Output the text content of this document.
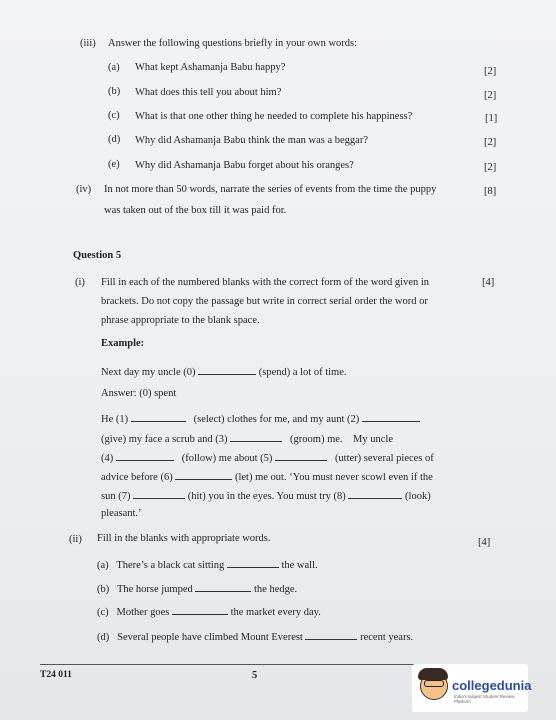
(iii) Answer the following questions briefly in your own words:
(a) What kept Ashamanja Babu happy?	[2]
(b) What does this tell you about him?	[2]
(c) What is that one other thing he needed to complete his happiness?	[1]
(d) Why did Ashamanja Babu think the man was a beggar?	[2]
(e) Why did Ashamanja Babu forget about his oranges?	[2]
(iv) In not more than 50 words, narrate the series of events from the time the puppy	[8]
was taken out of the box till it was paid for.
Question 5
(i) Fill in each of the numbered blanks with the correct form of the word given in	[4]
brackets. Do not copy the passage but write in correct serial order the word or
phrase appropriate to the blank space.
Example:
Next day my uncle (0)	(spend) a lot of time.
Answer: (0) spent
He (1)	(select) clothes for me, and my aunt (2)
(give) my face a scrub and (3)	(groom) me. My uncle
(4)	(follow) me about (5)	(utter) several pieces of
advice before (6)	(let) me out. ‘You must never scowl even if the
sun (7)	(hit) you in the eyes. You must try (8)	(look)
pleasant.’
(ii) Fill in the blanks with appropriate words.	[4]
(a) There’s a black cat sitting	the wall.
(b) The horse jumped	the hedge.
(c) Mother goes	the market every day.
(d) Several people have climbed Mount Everest	recent years.
T24 011	5
collegedunia
India's largest Student Review Platform
